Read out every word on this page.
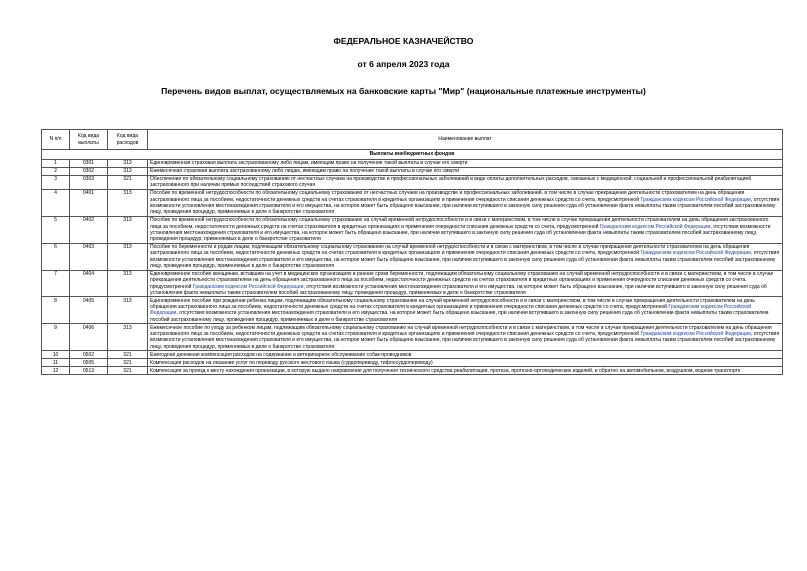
ФЕДЕРАЛЬНОЕ КАЗНАЧЕЙСТВО
от 6 апреля 2023 года
Перечень видов выплат, осуществляемых на банковские карты "Мир" (национальные платежные инструменты)
N п/п	Код вида выплаты	Код вида расходов	Наименование выплат
Выплаты внебюджетных фондов			
1	0301	313	Единовременная страховая выплата застрахованному либо лицам, имеющим право на получение такой выплаты в случае его смерти
2	0302	313	Ежемесячная страховая выплата застрахованному либо лицам, имеющим право на получение такой выплаты в случае его смерти
3	0303	321	Обеспечение по обязательному социальному страхованию от несчастных случаев на производстве и профессиональных заболеваний в виде оплаты дополнительных расходов, связанных с медицинской, социальной и профессиональной реабилитацией застрахованного при наличии прямых последствий страхового случая
4	0401	313	Пособие по временной нетрудоспособности по обязательному социальному страхованию от несчастных случаев на производстве и профессиональных заболеваний, в том числе в случае прекращения деятельности страхователем на день обращения застрахованного лица за пособием, недостаточности денежных средств на счетах страхователя в кредитных организациях и применения очередности списания денежных средств со счета, предусмотренной Гражданским кодексом Российской Федерации, отсутствия возможности установления местонахождения страхователя и его имущества, на которое может быть обращено взыскание, при наличии вступившего в законную силу решения суда об установлении факта невыплаты таким страхователем пособий застрахованному лицу, проведения процедур, применяемых в деле о банкротстве страхователя
5	0402	313	Пособие по временной нетрудоспособности по обязательному социальному страхованию на случай временной нетрудоспособности и в связи с материнством, в том числе в случае прекращения деятельности страхователем на день обращения застрахованного лица за пособием, недостаточности денежных средств на счетах страхователя в кредитных организациях и применения очередности списания денежных средств со счета, предусмотренной Гражданским кодексом Российской Федерации, отсутствия возможности установления местонахождения страхователя и его имущества, на которое может быть обращено взыскание, при наличии вступившего в законную силу решения суда об установлении факта невыплаты таким страхователем пособий застрахованному лицу, проведения процедур, применяемых в деле о банкротстве страхователя
6	0403	313	Пособие по беременности и родам лицам, подлежащим обязательному социальному страхованию на случай временной нетрудоспособности и в связи с материнством, в том числе в случае прекращения деятельности страхователем на день обращения застрахованного лица за пособием, недостаточности денежных средств на счетах страхователя в кредитных организациях и применения очередности списания денежных средств со счета, предусмотренной Гражданским кодексом Российской Федерации, отсутствия возможности установления местонахождения страхователя и его имущества, на которое может быть обращено взыскание, при наличии вступившего в законную силу решения суда об установлении факта невыплаты таким страхователем пособий застрахованному лицу, проведения процедур, применяемых в деле о банкротстве страхователя
7	0404	313	Единовременное пособие женщинам, вставшим на учет в медицинских организациях в ранние сроки беременности, подлежащим обязательному социальному страхованию на случай временной нетрудоспособности и в связи с материнством, в том числе в случае прекращения деятельности страхователем на день обращения застрахованного лица за пособием, недостаточности денежных средств на счетах страхователя в кредитных организациях и применения очередности списания денежных средств со счета, предусмотренной Гражданским кодексом Российской Федерации, отсутствия возможности установления местонахождения страхователя и его имущества, на которое может быть обращено взыскание, при наличии вступившего в законную силу решения суда об установлении факта невыплаты таким страхователем пособий застрахованному лицу, проведения процедур, применяемых в деле о банкротстве страхователя
8	0405	313	Единовременное пособие при рождении ребенка лицам, подлежащим обязательному социальному страхованию на случай временной нетрудоспособности и в связи с материнством, в том числе в случае прекращения деятельности страхователем на день обращения застрахованного лица за пособием, недостаточности денежных средств на счетах страхователя в кредитных организациях и применения очередности списания денежных средств со счета, предусмотренной Гражданским кодексом Российской Федерации, отсутствия возможности установления местонахождения страхователя и его имущества, на которое может быть обращено взыскание, при наличии вступившего в законную силу решения суда об установлении факта невыплаты таким страхователем пособий застрахованному лицу, проведения процедур, применяемых в деле о банкротстве страхователя
9	0406	313	Ежемесячное пособие по уходу за ребенком лицам, подлежащим обязательному социальному страхованию на случай временной нетрудоспособности и в связи с материнством, в том числе в случае прекращения деятельности страхователем на день обращения застрахованного лица за пособием, недостаточности денежных средств на счетах страхователя в кредитных организациях и применения очередности списания денежных средств со счета, предусмотренной Гражданским кодексом Российской Федерации, отсутствия возможности установления местонахождения страхователя и его имущества, на которое может быть обращено взыскание, при наличии вступившего в законную силу решения суда об установлении факта невыплаты таким страхователем пособий застрахованному лицу, проведения процедур, применяемых в деле о банкротстве страхователя
10	0502	321	Ежегодная денежная компенсация расходов на содержание и ветеринарное обслуживание собак-проводников
11	0505	321	Компенсация расходов на оказание услуг по переводу русского жестового языка (сурдопереводу, тифлосурдопереводу)
12	0513	321	Компенсация за проезд к месту нахождения организации, в которую выдано направление для получения технического средства реабилитации, протеза, протезно-ортопедических изделий, и обратно на автомобильном, воздушном, водном транспорте
